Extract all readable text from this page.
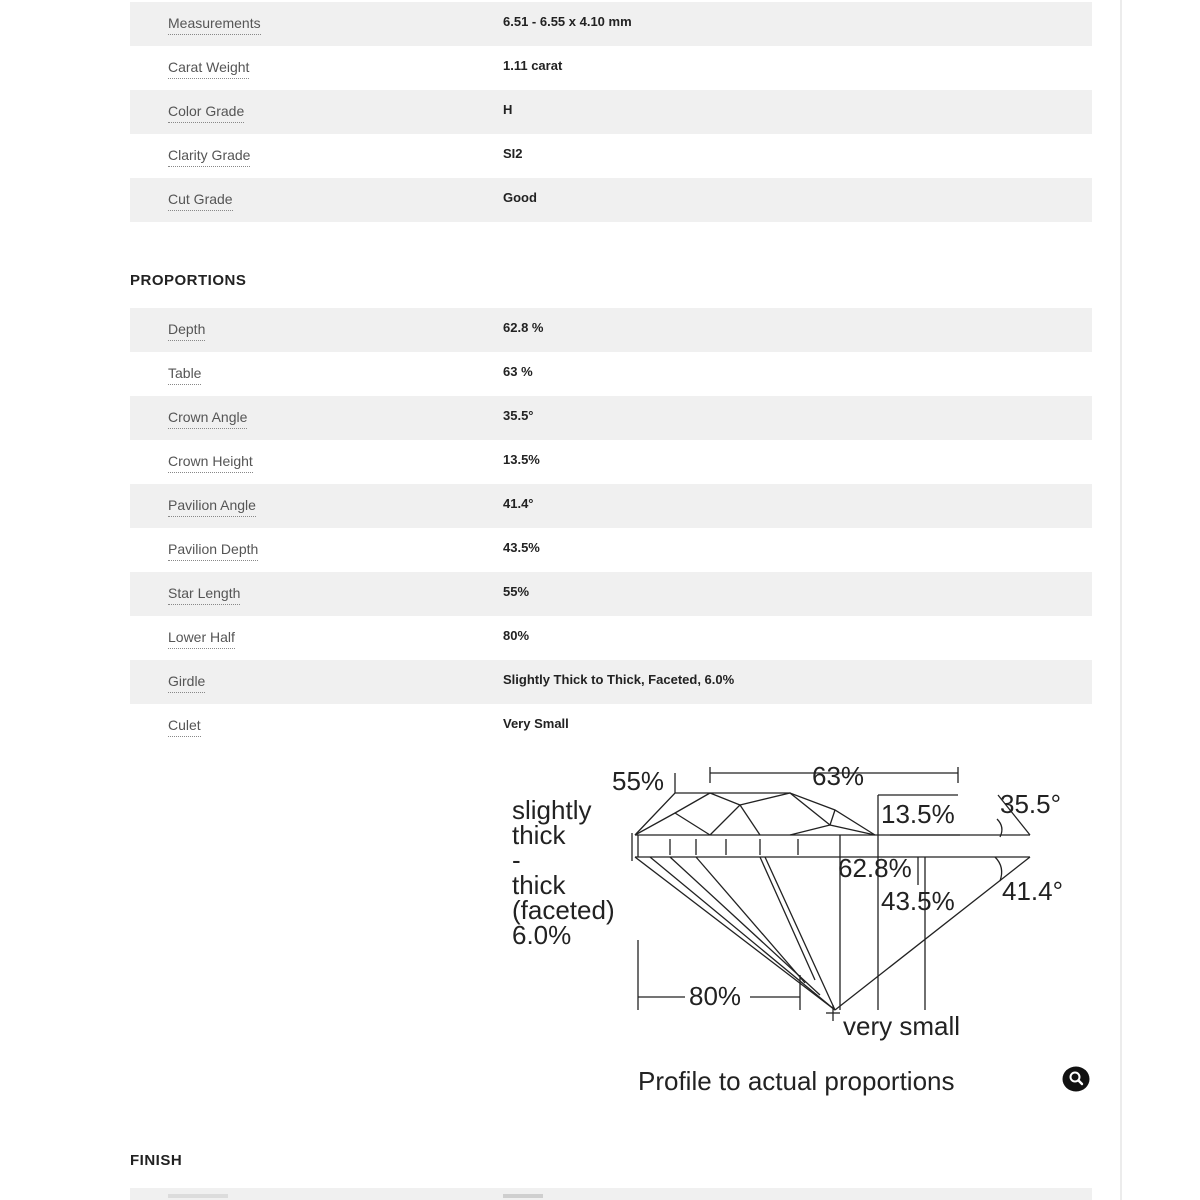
Measurements	6.51 - 6.55 x 4.10 mm
Carat Weight	1.11 carat
Color Grade	H
Clarity Grade	SI2
Cut Grade	Good
PROPORTIONS
Depth	62.8 %
Table	63 %
Crown Angle	35.5°
Crown Height	13.5%
Pavilion Angle	41.4°
Pavilion Depth	43.5%
Star Length	55%
Lower Half	80%
Girdle	Slightly Thick to Thick, Faceted, 6.0%
Culet	Very Small
55%	63%
13.5% 35.5°
62.8%
43.5% 41.4°
80%
very small
slightly
thick
-
thick
(faceted)
6.0%
Profile to actual proportions
FINISH
